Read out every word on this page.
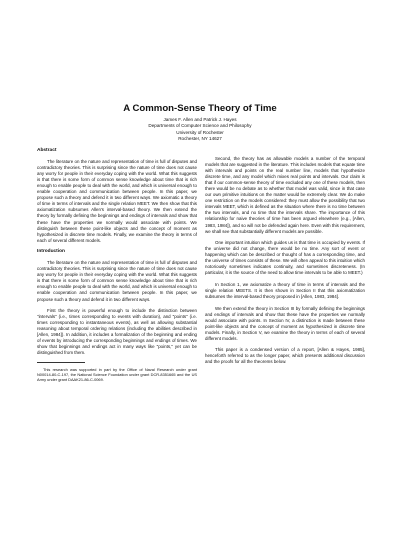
A Common-Sense Theory of Time
James F. Allen and Patrick J. Hayes
Departments of Computer Science and Philosophy
University of Rochester
Rochester, NY 14627
Abstract

The literature on the nature and representation of time is full of disputes and contradictory theories. This is surprising since the nature of time does not cause any worry for people in their everyday coping with the world. What this suggests is that there is some form of common sense knowledge about time that is rich enough to enable people to deal with the world, and which is universal enough to enable cooperation and communication between people. In this paper, we propose such a theory and defend it in two different ways. We axiomatic a theory of time in terms of intervals and the single relation MEET. We then show that this axiomatization subsumes Allen's interval-based theory. We then extend the theory by formally defining the beginnings and endings of intervals and show that these have the properties we normally would associate with points. We distinguish between these point-like objects and the concept of moment as hypothesized in discrete time models. Finally, we examine the theory in terms of each of several different models.

Introduction

The literature on the nature and representation of time is full of disputes and contradictory theories. This is surprising since the nature of time does not cause any worry for people in their everyday coping with the world. What this suggests is that there is some form of common sense knowledge about time that is rich enough to enable people to deal with the world, and which is universal enough to enable cooperation and communication between people. In this paper, we propose such a theory and defend it in two different ways.

First the theory is powerful enough to include the distinction between "intervals" (i.e., times corresponding to events with duration), and "points" (i.e. times corresponding to instantaneous events), as well as allowing substantial reasoning about temporal ordering relations (including the abilities described in [Allen, 1984]). In addition, it includes a formalization of the beginning and ending of events by introducing the corresponding beginnings and endings of times. We show that beginnings and endings act in many ways like "points," yet can be distinguished from them.

This research was supported in part by the Office of Naval Research under grant N00014-80-C-197, the National Science Foundation under grant DCR-8351665 and the US Army under grant DAAK21-86-C-0069.

Second, the theory has as allowable models a number of the temporal models that are suggested in the literature. This includes models that equate time with intervals and points on the real number line, models that hypothesize discrete time, and any model which mixes real points and intervals. Our claim is that if our common-sense theory of time excluded any one of these models, then there would be no debate as to whether that model was valid, since in that case our own primitive intuitions on the matter would be extremely clear. We do make one restriction on the models considered: they must allow the possibility that two intervals MEET, which is defined as the situation where there is no time between the two intervals, and no time that the intervals share. The importance of this relationship for naive theories of time has been argued elsewhere (e.g., [Allen, 1983, 1984]), and so will not be defended again here. Even with this requirement, we shall see that substantially different models are possible.

One important intuition which guides us is that time is occupied by events. If the universe did not change, there would be no time. Any sort of event or happening which can be described or thought of has a corresponding time, and the universe of times consists of these. We will often appeal to this intuition which notoriously sometimes indicates continuity, and sometimes discreteness. (In particular, it is the source of the need to allow time intervals to be able to MEET.)

In Section 1, we axiomatize a theory of time in terms of intervals and the single relation MEETS. It is then shown in Section II that this axiomatization subsumes the interval-based theory proposed in [Allen, 1983, 1984].

We then extend the theory in Section III by formally defining the beginnings and endings of intervals and show that these have the properties we normally would associate with points. In Section IV, a distinction is made between these point-like objects and the concept of moment as hypothesized in discrete time models. Finally, in Section V, we examine the theory in terms of each of several different models.

This paper is a condensed version of a report, [Allen & Hayes, 1985], henceforth referred to as the longer paper, which presents additional discussion and the proofs for all the theorems below.
